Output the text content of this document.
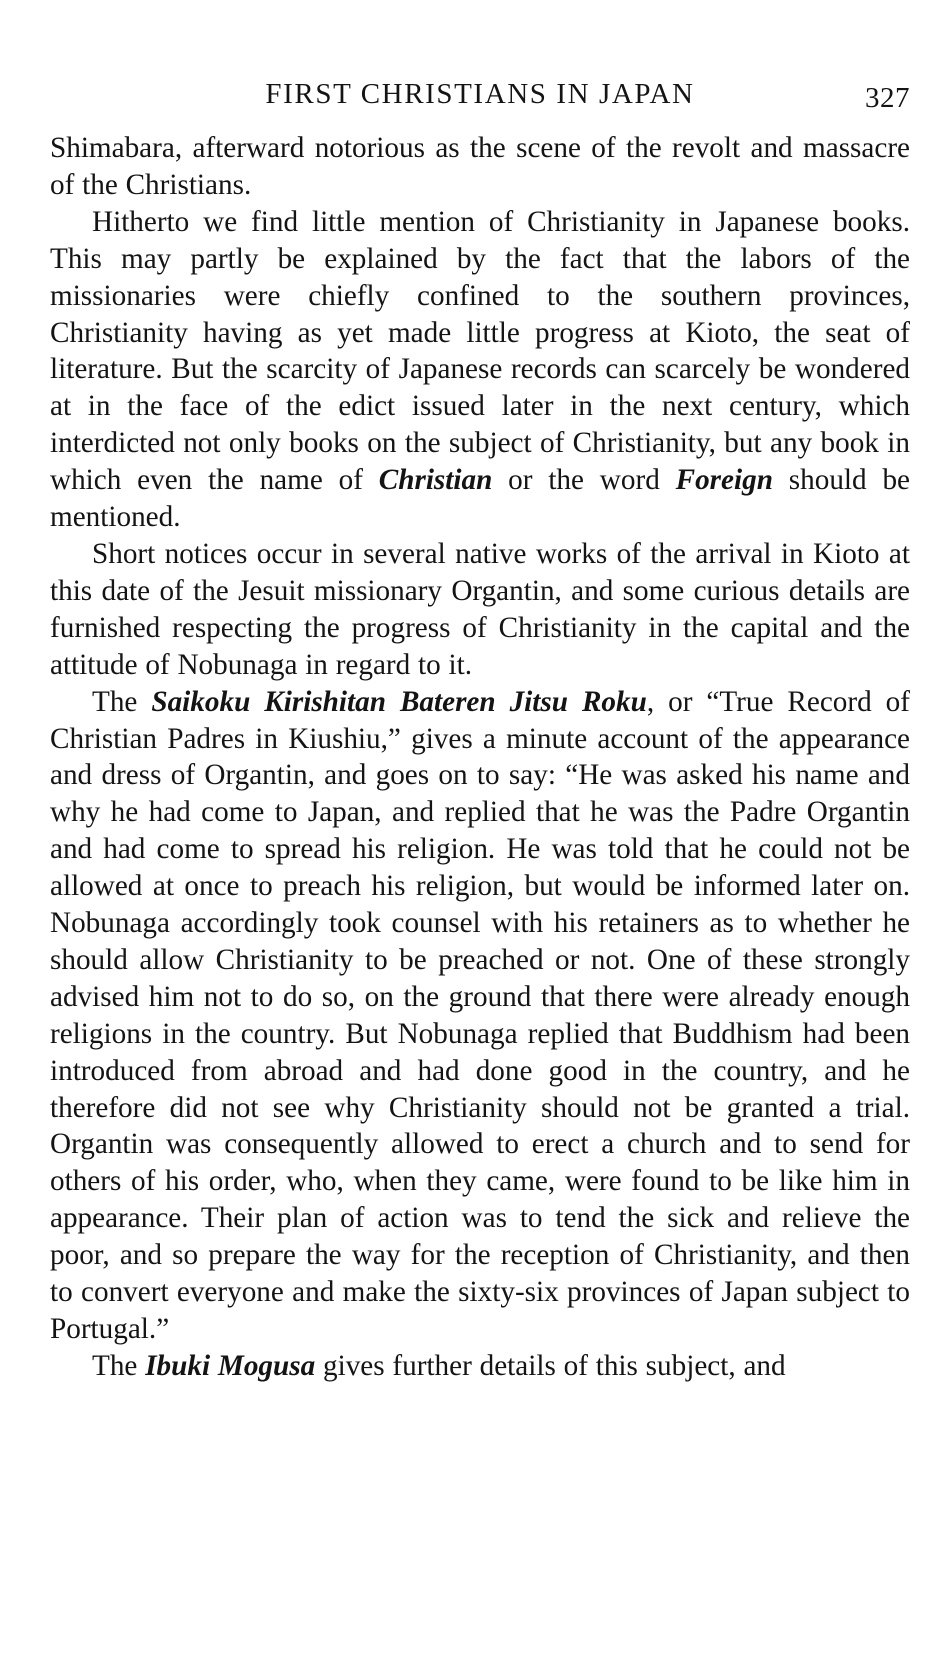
FIRST CHRISTIANS IN JAPAN	327

Shimabara, afterward notorious as the scene of the revolt and massacre of the Christians.

Hitherto we find little mention of Christianity in Japanese books. This may partly be explained by the fact that the labors of the missionaries were chiefly confined to the southern provinces, Christianity having as yet made little progress at Kioto, the seat of literature. But the scarcity of Japanese records can scarcely be wondered at in the face of the edict issued later in the next century, which interdicted not only books on the subject of Christianity, but any book in which even the name of Christian or the word Foreign should be mentioned.

Short notices occur in several native works of the arrival in Kioto at this date of the Jesuit missionary Organtin, and some curious details are furnished respecting the progress of Christianity in the capital and the attitude of Nobunaga in regard to it.

The Saikoku Kirishitan Bateren Jitsu Roku, or “True Record of Christian Padres in Kiushiu,” gives a minute account of the appearance and dress of Organtin, and goes on to say: “He was asked his name and why he had come to Japan, and replied that he was the Padre Organtin and had come to spread his religion. He was told that he could not be allowed at once to preach his religion, but would be informed later on. Nobunaga accordingly took counsel with his retainers as to whether he should allow Christianity to be preached or not. One of these strongly advised him not to do so, on the ground that there were already enough religions in the country. But Nobunaga replied that Buddhism had been introduced from abroad and had done good in the country, and he therefore did not see why Christianity should not be granted a trial. Organtin was consequently allowed to erect a church and to send for others of his order, who, when they came, were found to be like him in appearance. Their plan of action was to tend the sick and relieve the poor, and so prepare the way for the reception of Christianity, and then to convert everyone and make the sixty-six provinces of Japan subject to Portugal.”

The Ibuki Mogusa gives further details of this subject, and
